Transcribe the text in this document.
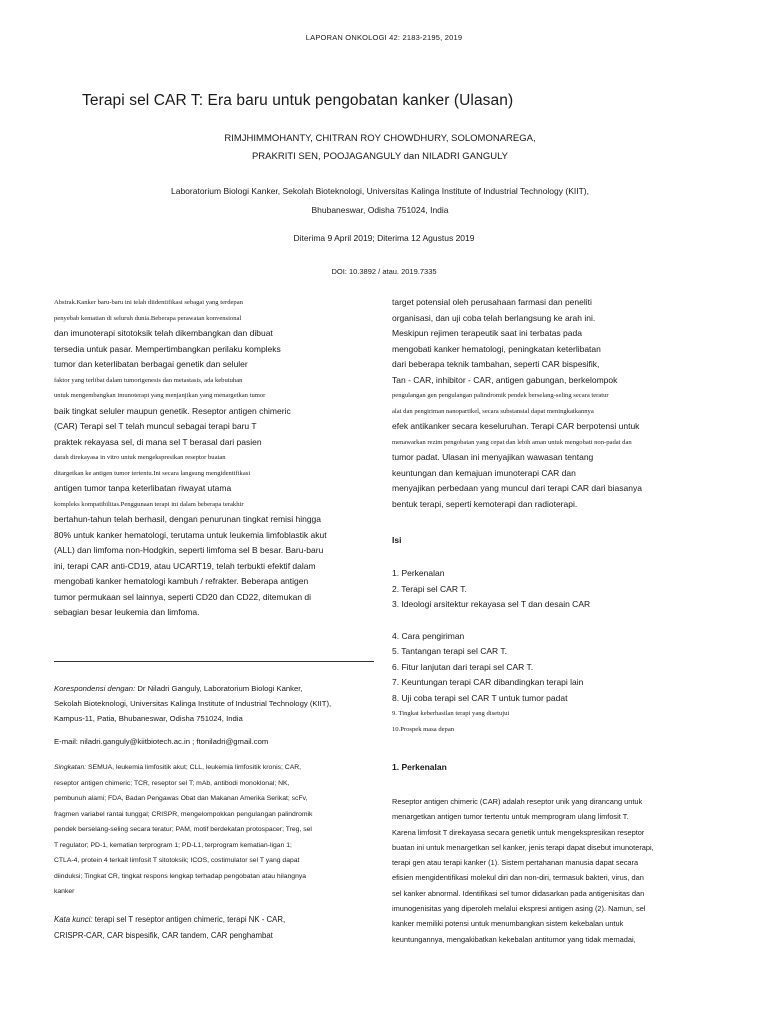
LAPORAN ONKOLOGI 42: 2183-2195, 2019
Terapi sel CAR T: Era baru untuk pengobatan kanker (Ulasan)
RIMJHIMMOHANTY, CHITRAN ROY CHOWDHURY, SOLOMONAREGA,
PRAKRITI SEN, POOJAGANGULY dan NILADRI GANGULY
Laboratorium Biologi Kanker, Sekolah Bioteknologi, Universitas Kalinga Institute of Industrial Technology (KIIT),
Bhubaneswar, Odisha 751024, India
Diterima 9 April 2019; Diterima 12 Agustus 2019
DOI: 10.3892 / atau. 2019.7335
Abstrak.Kanker baru-baru ini telah diidentifikasi sebagai yang terdepan
penyebab kematian di seluruh dunia.Beberapa perawatan konvensional
dan imunoterapi sitotoksik telah dikembangkan dan dibuat
tersedia untuk pasar. Mempertimbangkan perilaku kompleks
tumor dan keterlibatan berbagai genetik dan seluler
faktor yang terlibat dalam tumorigenesis dan metastasis, ada kebutuhan
untuk mengembangkan imunoterapi yang menjanjikan yang menargetkan tumor
baik tingkat seluler maupun genetik. Reseptor antigen chimeric
(CAR) Terapi sel T telah muncul sebagai terapi baru T
praktek rekayasa sel, di mana sel T berasal dari pasien
darah direkayasa in vitro untuk mengekspresikan reseptor buatan
ditargetkan ke antigen tumor tertentu.Ini secara langsung mengidentifikasi
antigen tumor tanpa keterlibatan riwayat utama
kompleks kompatibilitas.Penggunaan terapi ini dalam beberapa terakhir
bertahun-tahun telah berhasil, dengan penurunan tingkat remisi hingga
80% untuk kanker hematologi, terutama untuk leukemia limfoblastik akut
(ALL) dan limfoma non-Hodgkin, seperti limfoma sel B besar. Baru-baru
ini, terapi CAR anti-CD19, atau UCART19, telah terbukti efektif dalam
mengobati kanker hematologi kambuh / refrakter. Beberapa antigen
tumor permukaan sel lainnya, seperti CD20 dan CD22, ditemukan di
sebagian besar leukemia dan limfoma.
target potensial oleh perusahaan farmasi dan peneliti
organisasi, dan uji coba telah berlangsung ke arah ini.
Meskipun rejimen terapeutik saat ini terbatas pada
mengobati kanker hematologi, peningkatan keterlibatan
dari beberapa teknik tambahan, seperti CAR bispesifik,
Tan - CAR, inhibitor - CAR, antigen gabungan, berkelompok
pengulangan gen pengulangan palindromik pendek berselang-seling secara teratur
alat dan pengiriman nanopartikel, secara substansial dapat meningkatkannya
efek antikanker secara keseluruhan. Terapi CAR berpotensi untuk
menawarkan rezim pengobatan yang cepat dan lebih aman untuk mengobati non-padat dan
tumor padat. Ulasan ini menyajikan wawasan tentang
keuntungan dan kemajuan imunoterapi CAR dan
menyajikan perbedaan yang muncul dari terapi CAR dari biasanya
bentuk terapi, seperti kemoterapi dan radioterapi.
Isi
1. Perkenalan
2. Terapi sel CAR T.
3. Ideologi arsitektur rekayasa sel T dan desain CAR
4. Cara pengiriman
5. Tantangan terapi sel CAR T.
6. Fitur lanjutan dari terapi sel CAR T.
7. Keuntungan terapi CAR dibandingkan terapi lain
8. Uji coba terapi sel CAR T untuk tumor padat
9. Tingkat keberhasilan terapi yang disetujui
10.Prospek masa depan
Korespondensi dengan: Dr Niladri Ganguly, Laboratorium Biologi Kanker,
Sekolah Bioteknologi, Universitas Kalinga Institute of Industrial Technology (KIIT),
Kampus-11, Patia, Bhubaneswar, Odisha 751024, India
E-mail: niladri.ganguly@kiitbiotech.ac.in ; ftoniladri@gmail.com
Singkatan: SEMUA, leukemia limfositik akut; CLL, leukemia limfositik kronis; CAR,
reseptor antigen chimeric; TCR, reseptor sel T; mAb, antibodi monoklonal; NK,
pembunuh alami; FDA, Badan Pengawas Obat dan Makanan Amerika Serikat; scFv,
fragmen variabel rantai tunggal; CRISPR, mengelompokkan pengulangan palindromik
pendek berselang-seling secara teratur; PAM, motif berdekatan protospacer; Treg, sel
T regulator; PD-1, kematian terprogram 1; PD-L1, terprogram kematian-ligan 1;
CTLA-4, protein 4 terkait limfosit T sitotoksik; ICOS, costimulator sel T yang dapat
diinduksi; Tingkat CR, tingkat respons lengkap terhadap pengobatan atau hilangnya
kanker
Kata kunci: terapi sel T reseptor antigen chimeric, terapi NK - CAR,
CRISPR-CAR, CAR bispesifik, CAR tandem, CAR penghambat
1. Perkenalan
Reseptor antigen chimeric (CAR) adalah reseptor unik yang dirancang untuk
menargetkan antigen tumor tertentu untuk memprogram ulang limfosit T.
Karena limfosit T direkayasa secara genetik untuk mengekspresikan reseptor
buatan ini untuk menargetkan sel kanker, jenis terapi dapat disebut imunoterapi,
terapi gen atau terapi kanker (1). Sistem pertahanan manusia dapat secara
efisien mengidentifikasi molekul diri dan non-diri, termasuk bakteri, virus, dan
sel kanker abnormal. Identifikasi sel tumor didasarkan pada antigenisitas dan
imunogenisitas yang diperoleh melalui ekspresi antigen asing (2). Namun, sel
kanker memiliki potensi untuk menumbangkan sistem kekebalan untuk
keuntungannya, mengakibatkan kekebalan antitumor yang tidak memadai,
